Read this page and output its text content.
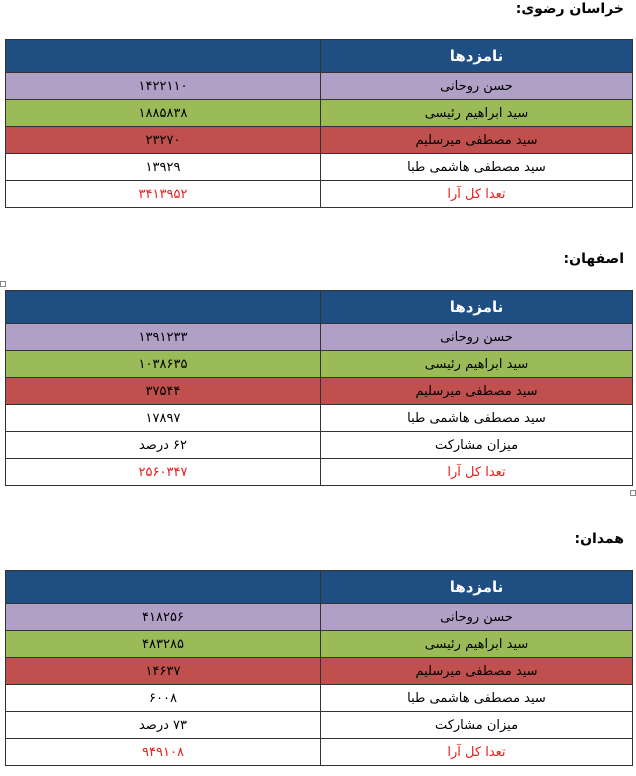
خراسان رضوی:
نامزدها	
حسن روحانی	۱۴۲۲۱۱۰
سید ابراهیم رئیسی	۱۸۸۵۸۳۸
سید مصطفی میرسلیم	۲۳۲۷۰
سید مصطفی هاشمی طبا	۱۳۹۲۹
تعدا کل آرا	۳۴۱۳۹۵۲
اصفهان:
نامزدها	
حسن روحانی	۱۳۹۱۲۳۳
سید ابراهیم رئیسی	۱۰۳۸۶۳۵
سید مصطفی میرسلیم	۳۷۵۴۴
سید مصطفی هاشمی طبا	۱۷۸۹۷
میزان مشارکت	۶۲ درصد
تعدا کل آرا	۲۵۶۰۳۴۷
همدان:
نامزدها	
حسن روحانی	۴۱۸۲۵۶
سید ابراهیم رئیسی	۴۸۳۲۸۵
سید مصطفی میرسلیم	۱۴۶۳۷
سید مصطفی هاشمی طبا	۶۰۰۸
میزان مشارکت	۷۳ درصد
تعدا کل آرا	۹۴۹۱۰۸
